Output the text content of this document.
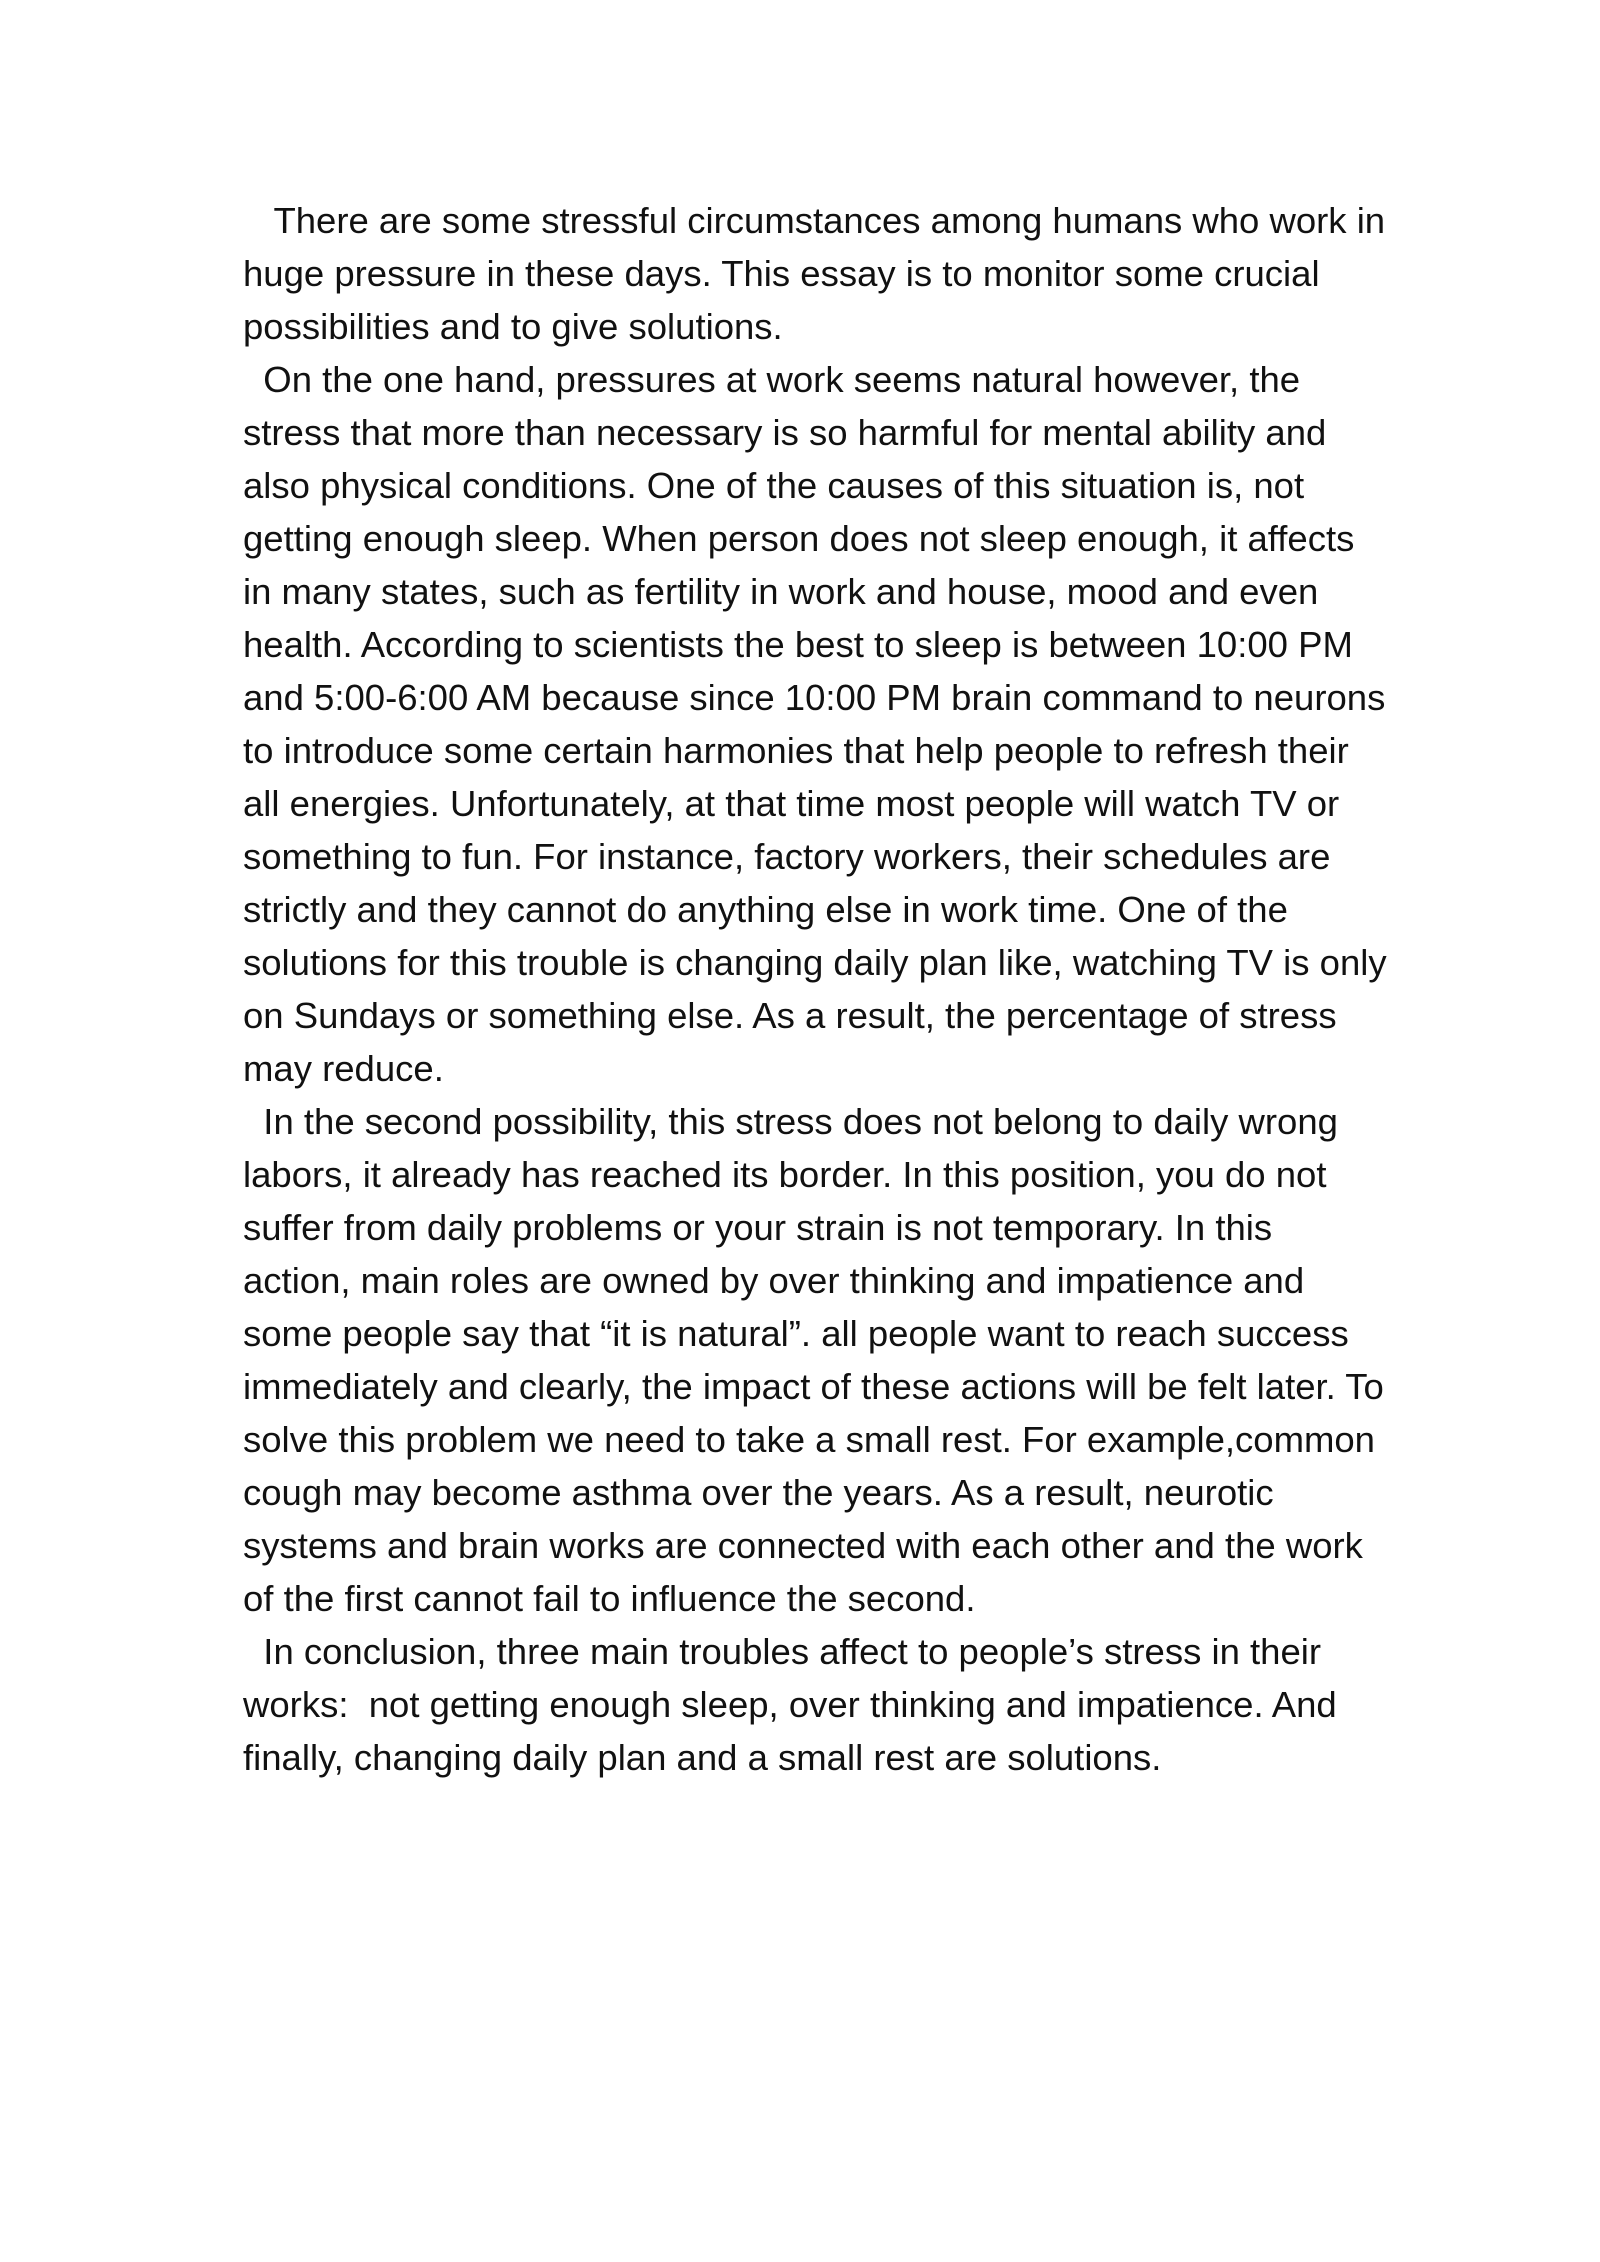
There are some stressful circumstances among humans who work in huge pressure in these days. This essay is to monitor some crucial possibilities and to give solutions.

On the one hand, pressures at work seems natural however, the stress that more than necessary is so harmful for mental ability and also physical conditions. One of the causes of this situation is, not getting enough sleep. When person does not sleep enough, it affects in many states, such as fertility in work and house, mood and even health. According to scientists the best to sleep is between 10:00 PM and 5:00-6:00 AM because since 10:00 PM brain command to neurons to introduce some certain harmonies that help people to refresh their all energies. Unfortunately, at that time most people will watch TV or something to fun. For instance, factory workers, their schedules are strictly and they cannot do anything else in work time. One of the solutions for this trouble is changing daily plan like, watching TV is only on Sundays or something else. As a result, the percentage of stress may reduce.

In the second possibility, this stress does not belong to daily wrong labors, it already has reached its border. In this position, you do not suffer from daily problems or your strain is not temporary. In this action, main roles are owned by over thinking and impatience and some people say that “it is natural”. all people want to reach success immediately and clearly, the impact of these actions will be felt later. To solve this problem we need to take a small rest. For example,common cough may become asthma over the years. As a result, neurotic systems and brain works are connected with each other and the work of the first cannot fail to influence the second.

In conclusion, three main troubles affect to people’s stress in their works:  not getting enough sleep, over thinking and impatience. And finally, changing daily plan and a small rest are solutions.
